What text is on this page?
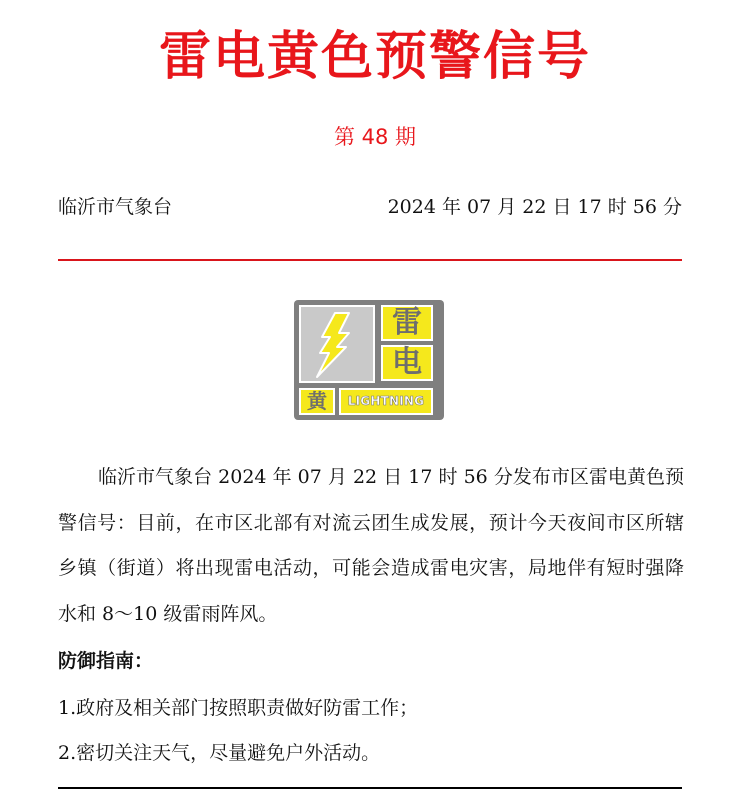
雷电黄色预警信号
第 48 期
临沂市气象台	2024 年 07 月 22 日 17 时 56 分
雷
电
黄	LIGHTNING
临沂市气象台 2024 年 07 月 22 日 17 时 56 分发布市区雷电黄色预警信号：目前，在市区北部有对流云团生成发展，预计今天夜间市区所辖乡镇（街道）将出现雷电活动，可能会造成雷电灾害，局地伴有短时强降水和 8～10 级雷雨阵风。
防御指南：
1.政府及相关部门按照职责做好防雷工作；
2.密切关注天气，尽量避免户外活动。
